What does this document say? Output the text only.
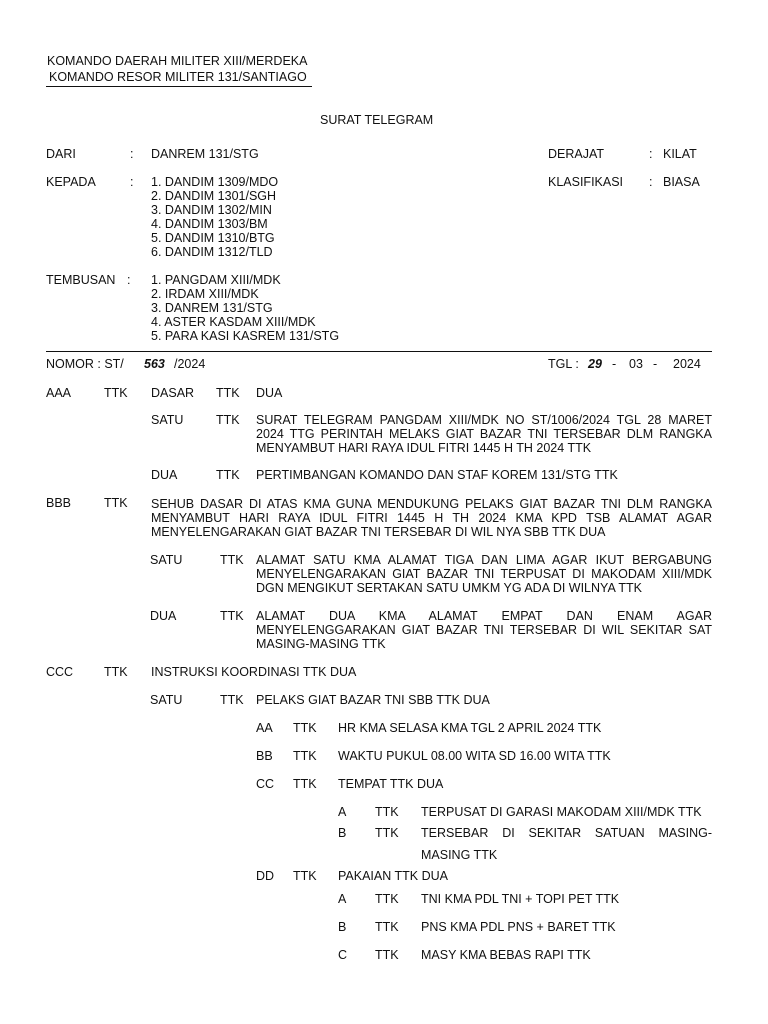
KOMANDO DAERAH MILITER XIII/MERDEKA
KOMANDO RESOR MILITER 131/SANTIAGO
SURAT TELEGRAM
DARI	: DANREM 131/STG	DERAJAT	: KILAT
KEPADA	: 1. DANDIM 1309/MDO
2. DANDIM 1301/SGH
3. DANDIM 1302/MIN
4. DANDIM 1303/BM
5. DANDIM 1310/BTG
6. DANDIM 1312/TLD
KLASIFIKASI : BIASA
TEMBUSAN : 1. PANGDAM XIII/MDK
2. IRDAM XIII/MDK
3. DANREM 131/STG
4. ASTER KASDAM XIII/MDK
5. PARA KASI KASREM 131/STG
NOMOR : ST/ 563 /2024	TGL : 29 - 03 - 2024
AAA	TTK DASAR TTK DUA
SATU	TTK SURAT TELEGRAM PANGDAM XIII/MDK NO ST/1006/2024 TGL 28 MARET
2024 TTG PERINTAH MELAKS GIAT BAZAR TNI TERSEBAR DLM RANGKA
MENYAMBUT HARI RAYA IDUL FITRI 1445 H TH 2024 TTK
DUA	TTK PERTIMBANGAN KOMANDO DAN STAF KOREM 131/STG TTK
BBB	TTK SEHUB DASAR DI ATAS KMA GUNA MENDUKUNG PELAKS GIAT BAZAR TNI DLM RANGKA
MENYAMBUT HARI RAYA IDUL FITRI 1445 H TH 2024 KMA KPD TSB ALAMAT AGAR
MENYELENGARAKAN GIAT BAZAR TNI TERSEBAR DI WIL NYA SBB TTK DUA
SATU	TTK ALAMAT SATU KMA ALAMAT TIGA DAN LIMA AGAR IKUT BERGABUNG
MENYELENGARAKAN GIAT BAZAR TNI TERPUSAT DI MAKODAM XIII/MDK
DGN MENGIKUT SERTAKAN SATU UMKM YG ADA DI WILNYA TTK
DUA	TTK ALAMAT DUA KMA ALAMAT EMPAT DAN ENAM AGAR
MENYELENGGARAKAN GIAT BAZAR TNI TERSEBAR DI WIL SEKITAR SAT
MASING-MASING TTK
CCC TTK INSTRUKSI KOORDINASI TTK DUA
SATU	TTK PELAKS GIAT BAZAR TNI SBB TTK DUA
AA TTK HR KMA SELASA KMA TGL 2 APRIL 2024 TTK
BB TTK WAKTU PUKUL 08.00 WITA SD 16.00 WITA TTK
CC TTK TEMPAT TTK DUA
A TTK TERPUSAT DI GARASI MAKODAM XIII/MDK TTK
B TTK TERSEBAR DI SEKITAR SATUAN MASING-
MASING TTK
DD TTK PAKAIAN TTK DUA
A TTK TNI KMA PDL TNI + TOPI PET TTK
B TTK PNS KMA PDL PNS + BARET TTK
C TTK MASY KMA BEBAS RAPI TTK
